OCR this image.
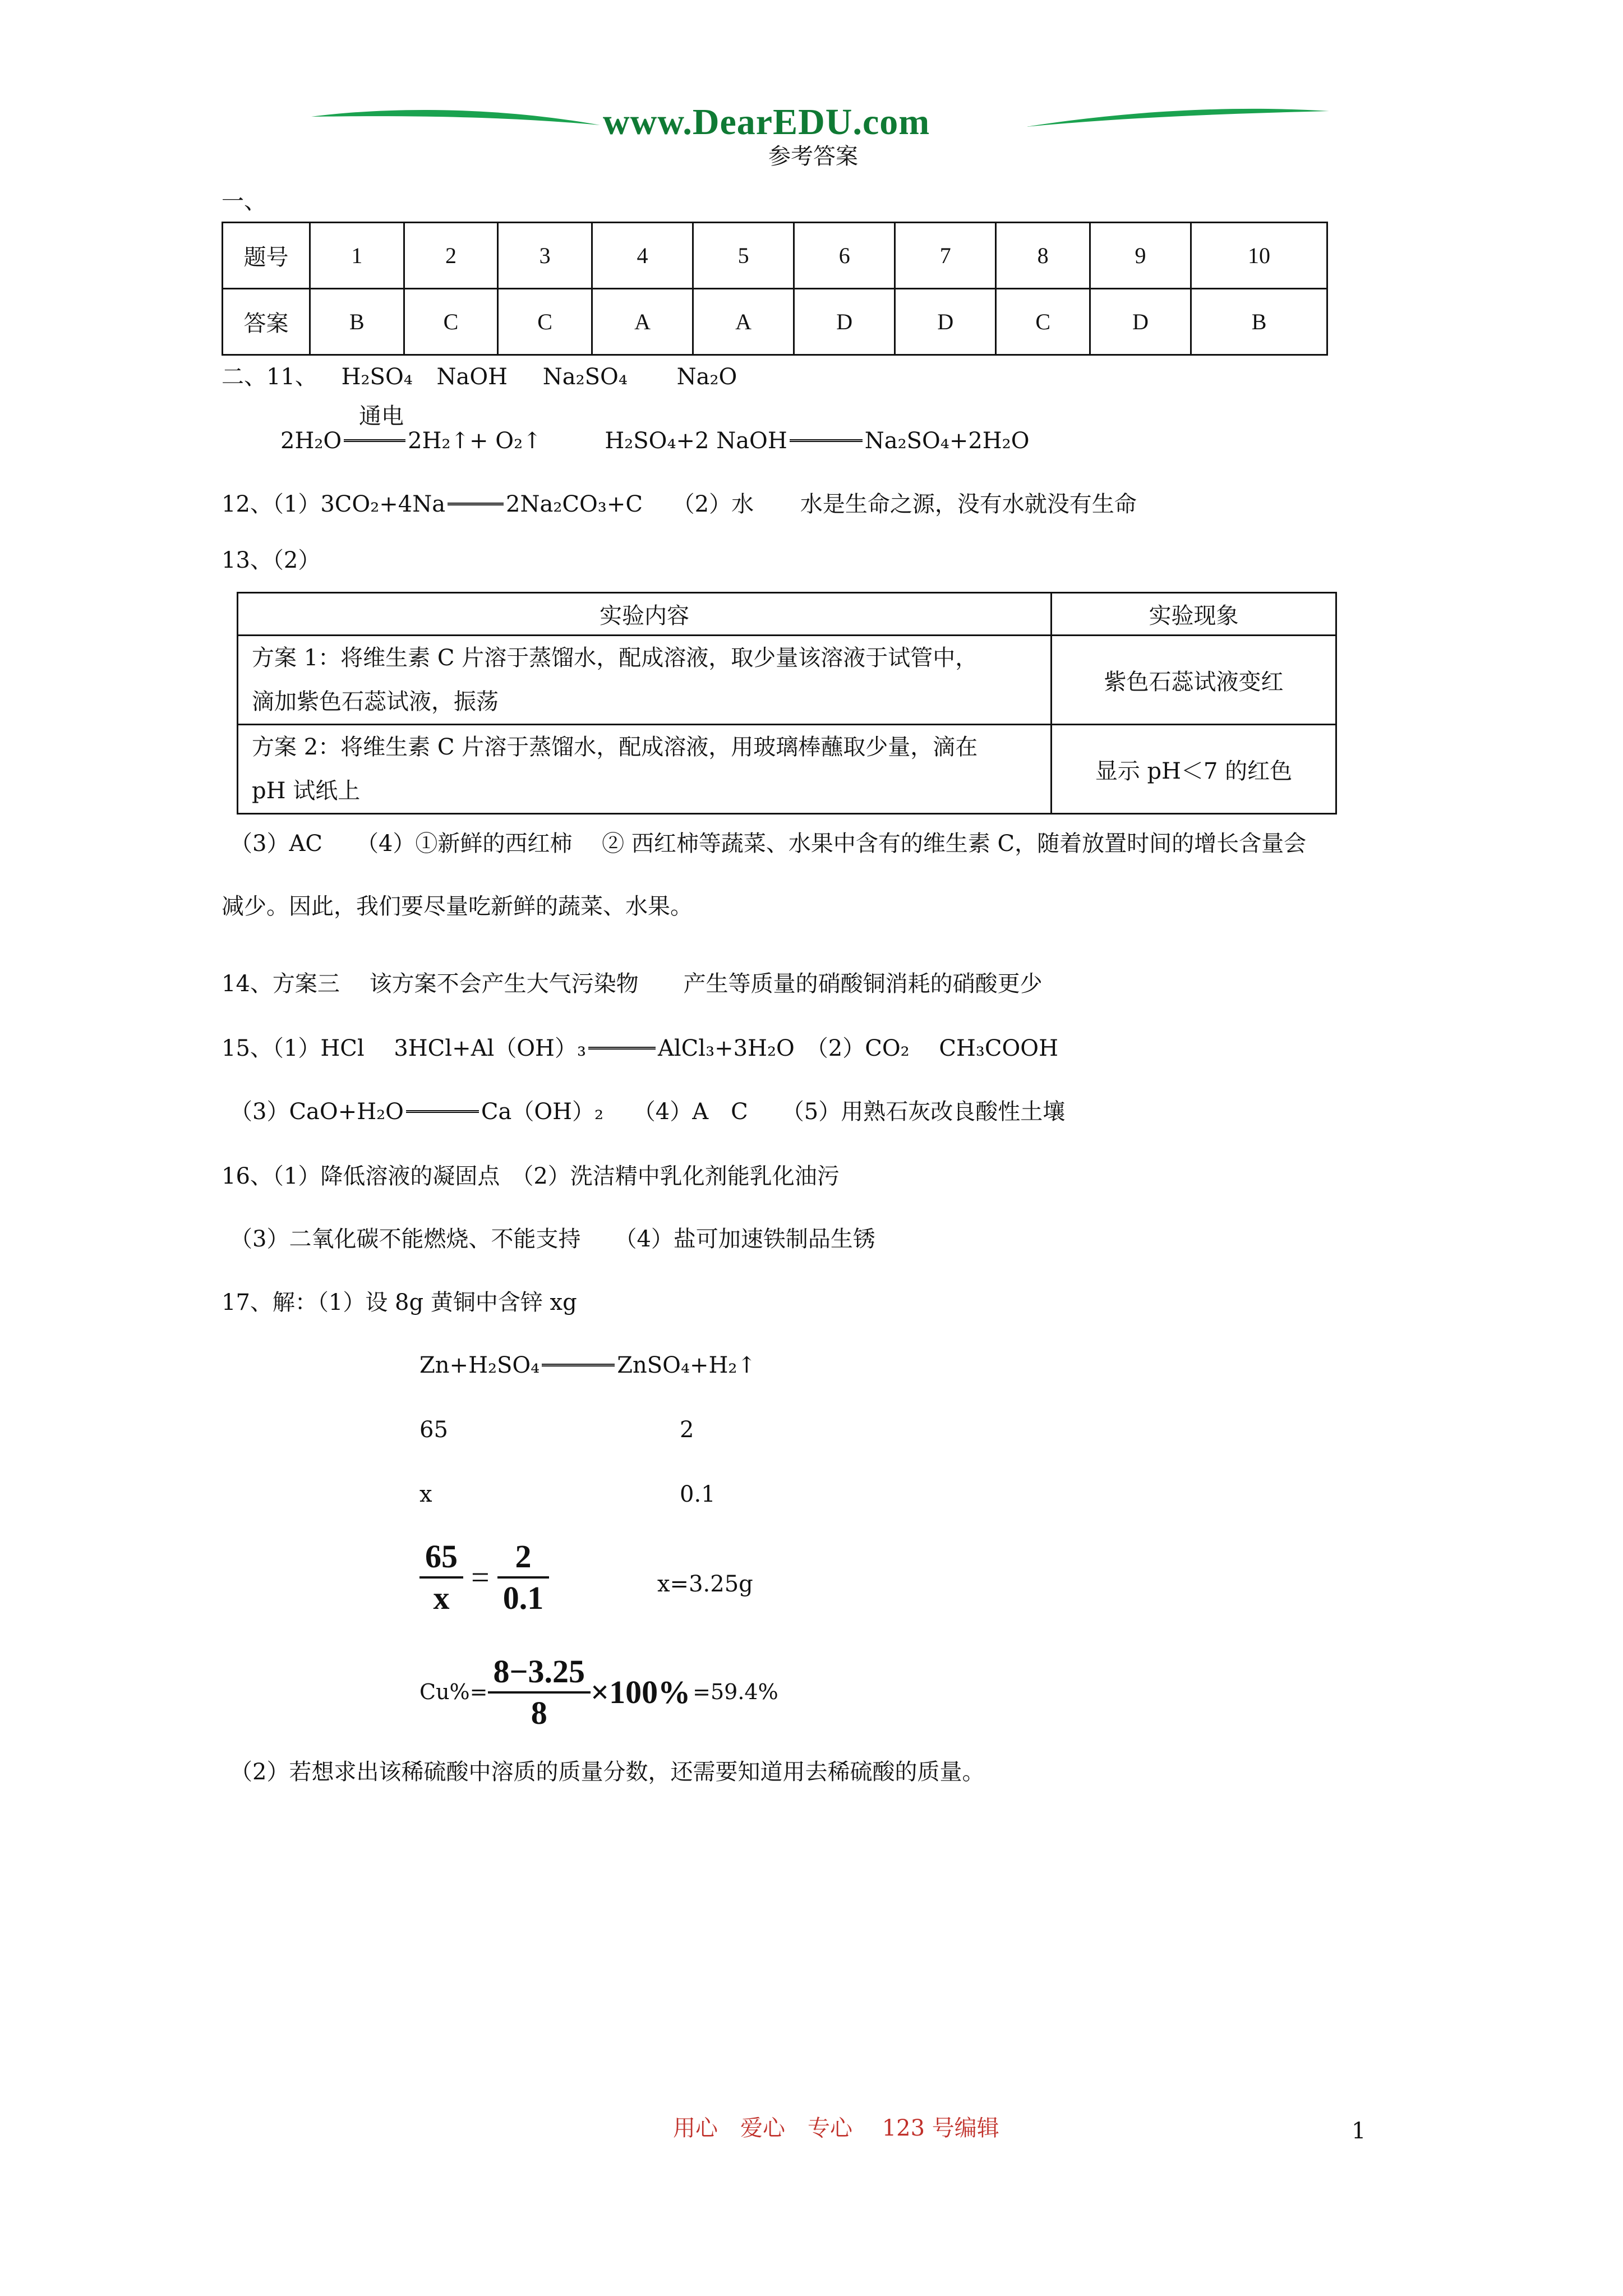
www.DearEDU.com
参考答案
一、
题号	1	2	3	4	5	6	7	8	9	10
答案	B	C	C	A	A	D	D	C	D	B
二、11、 H₂SO₄ NaOH Na₂SO₄ Na₂O
通电
2H₂O	2H₂↑+ O₂↑	H₂SO₄+2 NaOH	Na₂SO₄+2H₂O
12、（1）3CO₂+4Na	2Na₂CO₃+C （2）水 水是生命之源，没有水就没有生命
13、（2）
实验内容	实验现象

方案 1：将维生素 C 片溶于蒸馏水，配成溶液，取少量该溶液于试管中，
滴加紫色石蕊试液，振荡	紫色石蕊试液变红

方案 2：将维生素 C 片溶于蒸馏水，配成溶液，用玻璃棒蘸取少量，滴在
pH 试纸上	显示 pH＜7 的红色
（3）AC　　（4）①新鲜的西红柿　 ② 西红柿等蔬菜、水果中含有的维生素 C，随着放置时间的增长含量会
减少。因此，我们要尽量吃新鲜的蔬菜、水果。
14、方案三　 该方案不会产生大气污染物　　产生等质量的硝酸铜消耗的硝酸更少
15、（1）HCl　 3HCl+Al（OH）₃	AlCl₃+3H₂O　（2）CO₂　 CH₃COOH
（3）CaO+H₂O	Ca（OH）₂　 （4）A　C　　（5）用熟石灰改良酸性土壤
16、（1）降低溶液的凝固点　（2）洗洁精中乳化剂能乳化油污
（3）二氧化碳不能燃烧、不能支持　　（4）盐可加速铁制品生锈
17、解：（1）设 8g 黄铜中含锌 xg
Zn+H₂SO₄	ZnSO₄+H₂↑
65	2
x	0.1
$\frac{65}{x} = \frac{2}{0.1}$	x=3.25g
$Cu\%= \frac{8-3.25}{8} \times 100\% =59.4\%$
（2）若想求出该稀硫酸中溶质的质量分数，还需要知道用去稀硫酸的质量。
用心　爱心　专心　 123 号编辑	1
